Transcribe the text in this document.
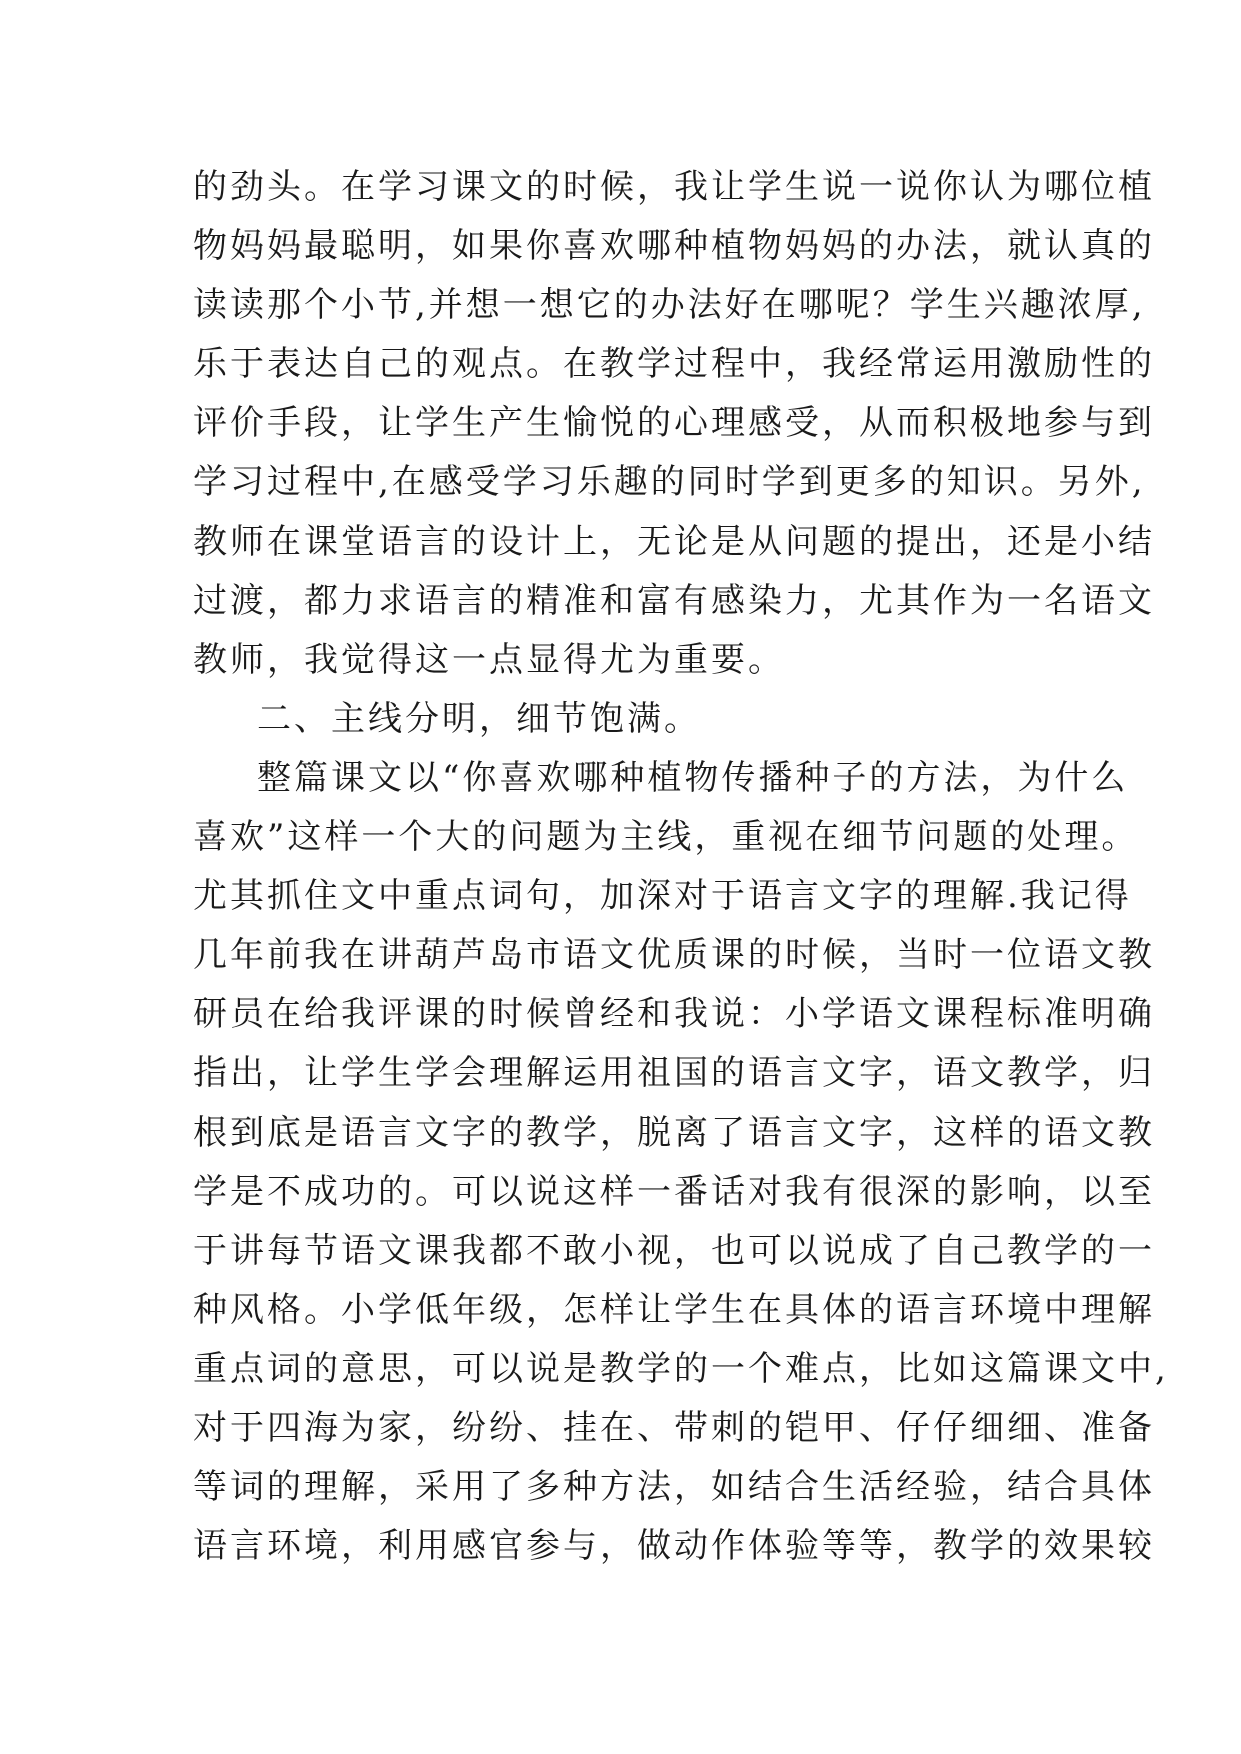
的劲头。在学习课文的时候，我让学生说一说你认为哪位植
物妈妈最聪明，如果你喜欢哪种植物妈妈的办法，就认真的
读读那个小节,并想一想它的办法好在哪呢？学生兴趣浓厚,
乐于表达自己的观点。在教学过程中，我经常运用激励性的
评价手段，让学生产生愉悦的心理感受，从而积极地参与到
学习过程中,在感受学习乐趣的同时学到更多的知识。另外,
教师在课堂语言的设计上，无论是从问题的提出，还是小结
过渡，都力求语言的精准和富有感染力，尤其作为一名语文
教师，我觉得这一点显得尤为重要。
二、主线分明，细节饱满。
整篇课文以“你喜欢哪种植物传播种子的方法，为什么
喜欢”这样一个大的问题为主线，重视在细节问题的处理。
尤其抓住文中重点词句，加深对于语言文字的理解.我记得
几年前我在讲葫芦岛市语文优质课的时候，当时一位语文教
研员在给我评课的时候曾经和我说：小学语文课程标准明确
指出，让学生学会理解运用祖国的语言文字，语文教学，归
根到底是语言文字的教学，脱离了语言文字，这样的语文教
学是不成功的。可以说这样一番话对我有很深的影响，以至
于讲每节语文课我都不敢小视，也可以说成了自己教学的一
种风格。小学低年级，怎样让学生在具体的语言环境中理解
重点词的意思，可以说是教学的一个难点，比如这篇课文中,
对于四海为家，纷纷、挂在、带刺的铠甲、仔仔细细、准备
等词的理解，采用了多种方法，如结合生活经验，结合具体
语言环境，利用感官参与，做动作体验等等，教学的效果较
